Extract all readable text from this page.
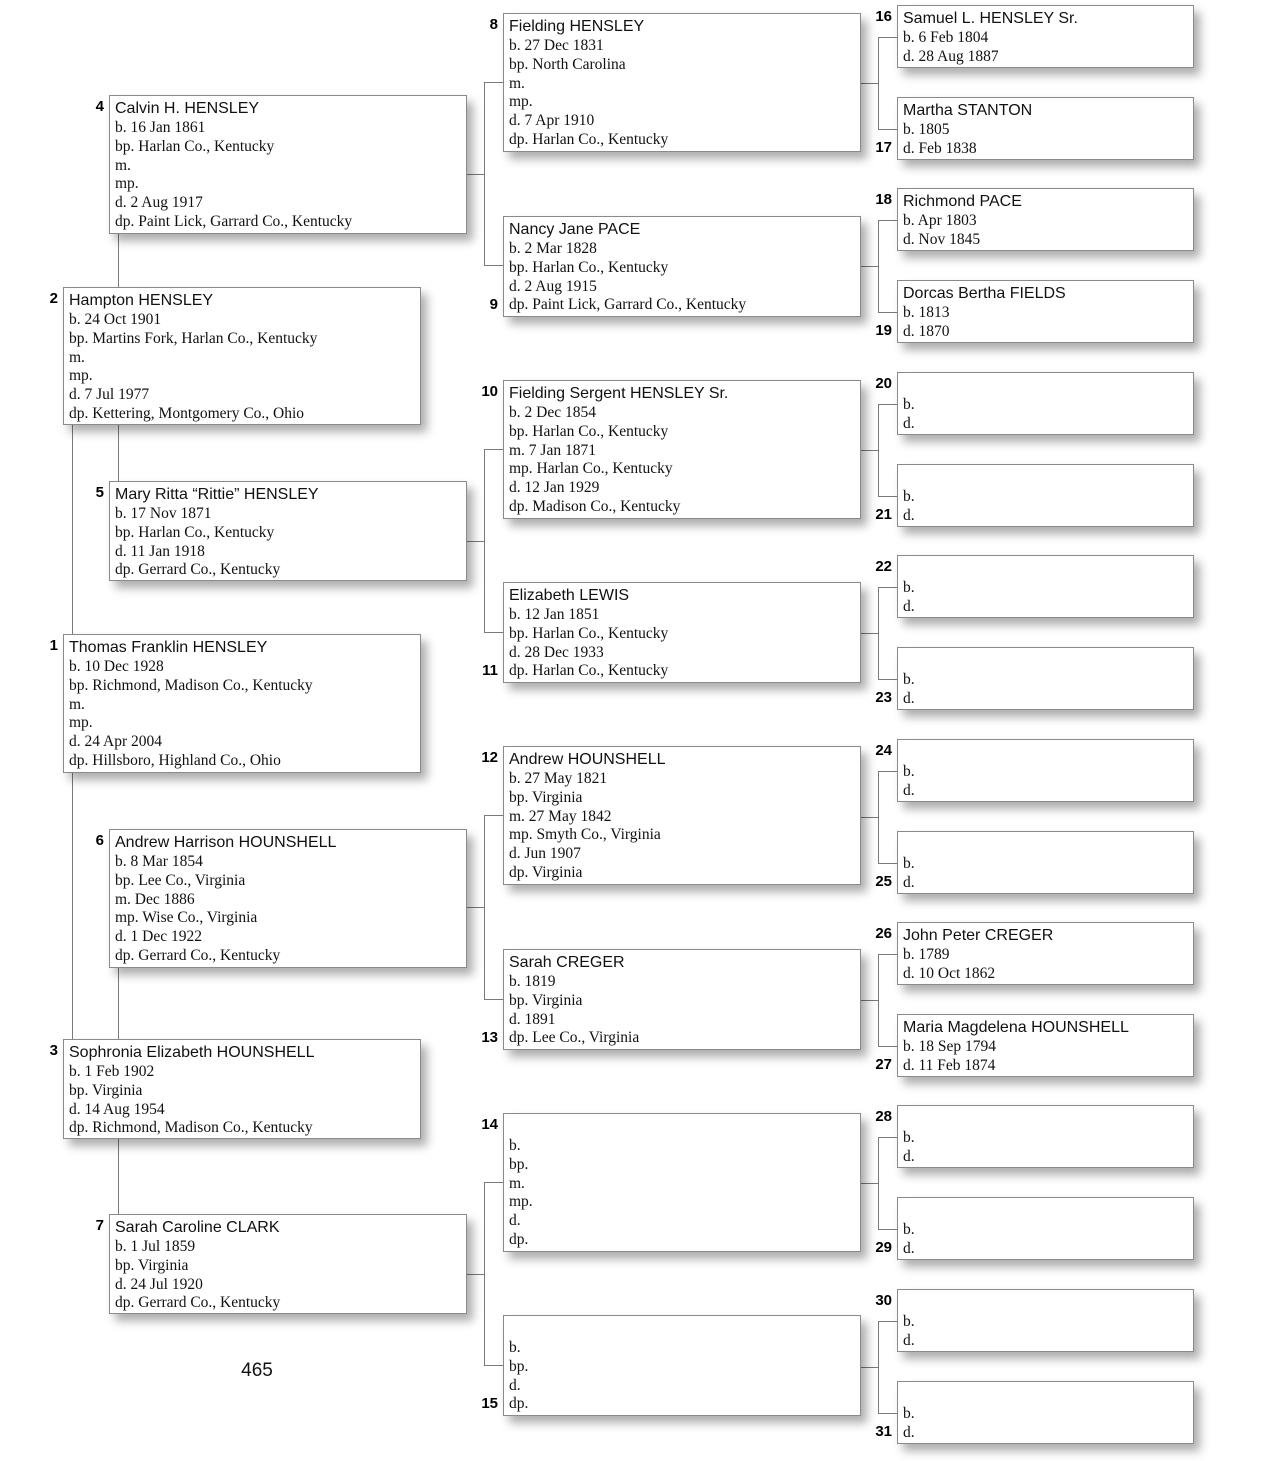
Thomas Franklin HENSLEY
b. 10 Dec 1928
bp. Richmond, Madison Co., Kentucky
m.
mp.
d. 24 Apr 2004
dp. Hillsboro, Highland Co., Ohio
1
Hampton HENSLEY
b. 24 Oct 1901
bp. Martins Fork, Harlan Co., Kentucky
m.
mp.
d. 7 Jul 1977
dp. Kettering, Montgomery Co., Ohio
2
Sophronia Elizabeth HOUNSHELL
b. 1 Feb 1902
bp. Virginia
d. 14 Aug 1954
dp. Richmond, Madison Co., Kentucky
3
Calvin H. HENSLEY
b. 16 Jan 1861
bp. Harlan Co., Kentucky
m.
mp.
d. 2 Aug 1917
dp. Paint Lick, Garrard Co., Kentucky
4
Mary Ritta “Rittie” HENSLEY
b. 17 Nov 1871
bp. Harlan Co., Kentucky
d. 11 Jan 1918
dp. Gerrard Co., Kentucky
5
Andrew Harrison HOUNSHELL
b. 8 Mar 1854
bp. Lee Co., Virginia
m. Dec 1886
mp. Wise Co., Virginia
d. 1 Dec 1922
dp. Gerrard Co., Kentucky
6
Sarah Caroline CLARK
b. 1 Jul 1859
bp. Virginia
d. 24 Jul 1920
dp. Gerrard Co., Kentucky
7
Fielding HENSLEY
b. 27 Dec 1831
bp. North Carolina
m.
mp.
d. 7 Apr 1910
dp. Harlan Co., Kentucky
8
Nancy Jane PACE
b. 2 Mar 1828
bp. Harlan Co., Kentucky
d. 2 Aug 1915
dp. Paint Lick, Garrard Co., Kentucky
9
Fielding Sergent HENSLEY Sr.
b. 2 Dec 1854
bp. Harlan Co., Kentucky
m. 7 Jan 1871
mp. Harlan Co., Kentucky
d. 12 Jan 1929
dp. Madison Co., Kentucky
10
Elizabeth LEWIS
b. 12 Jan 1851
bp. Harlan Co., Kentucky
d. 28 Dec 1933
dp. Harlan Co., Kentucky
11
Andrew HOUNSHELL
b. 27 May 1821
bp. Virginia
m. 27 May 1842
mp. Smyth Co., Virginia
d. Jun 1907
dp. Virginia
12
Sarah CREGER
b. 1819
bp. Virginia
d. 1891
dp. Lee Co., Virginia
13
b.
bp.
m.
mp.
d.
dp.
14
b.
bp.
d.
dp.
15
Samuel L. HENSLEY Sr.
b. 6 Feb 1804
d. 28 Aug 1887
16
Martha STANTON
b. 1805
d. Feb 1838
17
Richmond PACE
b. Apr 1803
d. Nov 1845
18
Dorcas Bertha FIELDS
b. 1813
d. 1870
19
b.
d.
20
b.
d.
21
b.
d.
22
b.
d.
23
b.
d.
24
b.
d.
25
John Peter CREGER
b. 1789
d. 10 Oct 1862
26
Maria Magdelena HOUNSHELL
b. 18 Sep 1794
d. 11 Feb 1874
27
b.
d.
28
b.
d.
29
b.
d.
30
b.
d.
31
465
